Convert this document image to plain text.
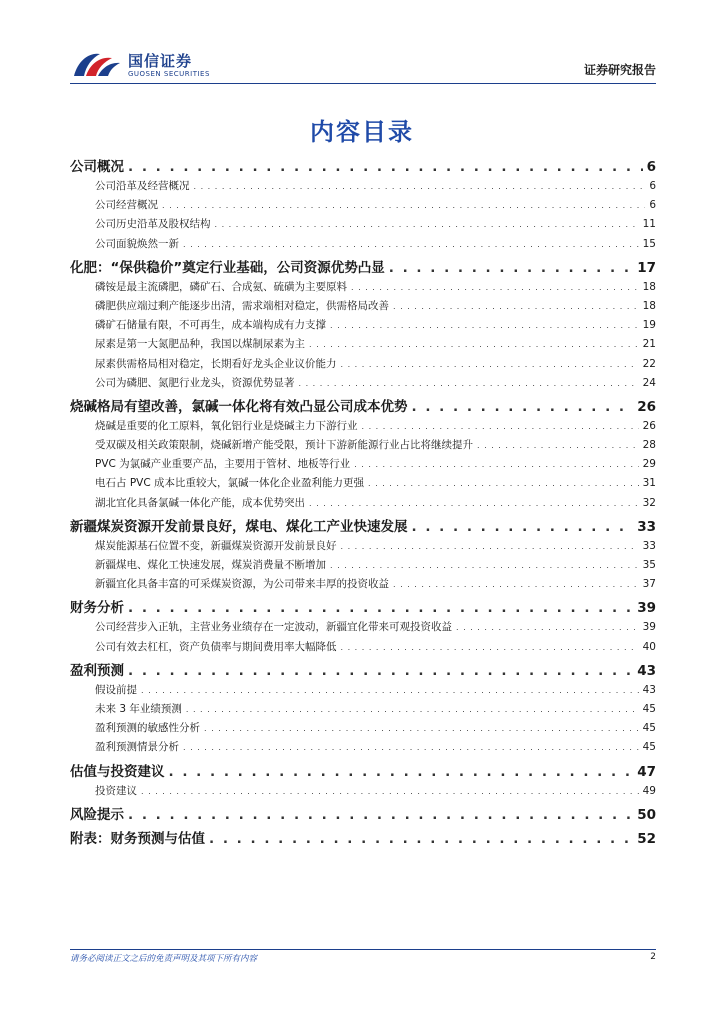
国信证券
GUOSEN SECURITIES	证券研究报告
内容目录
公司概况 . . .	6
公司沿革及经营概况 . . .	6
公司经营概况 . . .	6
公司历史沿革及股权结构 . . .	11
公司面貌焕然一新 . . .	15
化肥：“保供稳价”奠定行业基础，公司资源优势凸显 . . .	17
磷铵是最主流磷肥，磷矿石、合成氨、硫磺为主要原料 . . .	18
磷肥供应端过剩产能逐步出清，需求端相对稳定，供需格局改善 . . .	18
磷矿石储量有限，不可再生，成本端构成有力支撑 . . .	19
尿素是第一大氮肥品种，我国以煤制尿素为主 . . .	21
尿素供需格局相对稳定，长期看好龙头企业议价能力 . . .	22
公司为磷肥、氮肥行业龙头，资源优势显著 . . .	24
烧碱格局有望改善，氯碱一体化将有效凸显公司成本优势 . . .	26
烧碱是重要的化工原料，氧化铝行业是烧碱主力下游行业 . . .	26
受双碳及相关政策限制，烧碱新增产能受限，预计下游新能源行业占比将继续提升 . . .	28
PVC 为氯碱产业重要产品，主要用于管材、地板等行业 . . .	29
电石占 PVC 成本比重较大，氯碱一体化企业盈利能力更强 . . .	31
湖北宜化具备氯碱一体化产能，成本优势突出 . . .	32
新疆煤炭资源开发前景良好，煤电、煤化工产业快速发展 . . .	33
煤炭能源基石位置不变，新疆煤炭资源开发前景良好 . . .	33
新疆煤电、煤化工快速发展，煤炭消费量不断增加 . . .	35
新疆宜化具备丰富的可采煤炭资源，为公司带来丰厚的投资收益 . . .	37
财务分析 . . .	39
公司经营步入正轨，主营业务业绩存在一定波动，新疆宜化带来可观投资收益 . . .	39
公司有效去杠杠，资产负债率与期间费用率大幅降低 . . .	40
盈利预测 . . .	43
假设前提 . . .	43
未来 3 年业绩预测 . . .	45
盈利预测的敏感性分析 . . .	45
盈利预测情景分析 . . .	45
估值与投资建议 . . .	47
投资建议 . . .	49
风险提示 . . .	50
附表：财务预测与估值 . . .	52
请务必阅读正文之后的免责声明及其项下所有内容	2
